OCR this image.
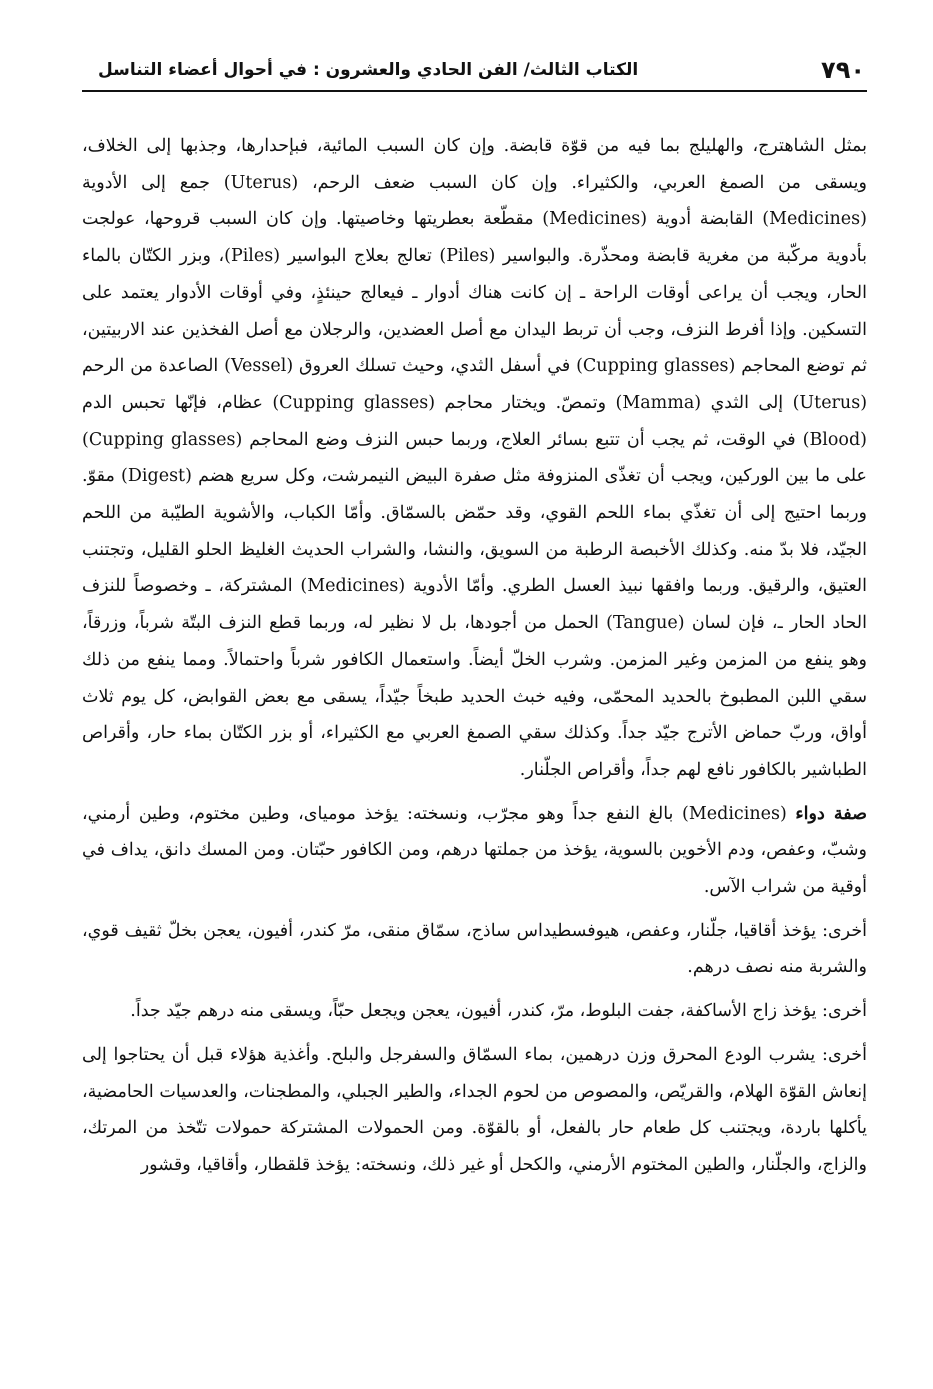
٧٩٠
الكتاب الثالث/ الفن الحادي والعشرون : في أحوال أعضاء التناسل

بمثل الشاهترج، والهليلج بما فيه من قوّة قابضة. وإن كان السبب المائية، فبإحدارها، وجذبها إلى الخلاف، ويسقى من الصمغ العربي، والكثيراء. وإن كان السبب ضعف الرحم، (Uterus) جمع إلى الأدوية (Medicines) القابضة أدوية (Medicines) مقطّعة بعطريتها وخاصيتها. وإن كان السبب قروحها، عولجت بأدوية مركّبة من مغرية قابضة ومحذّرة. والبواسير (Piles) تعالج بعلاج البواسير (Piles)، وبزر الكتّان بالماء الحار، ويجب أن يراعى أوقات الراحة ـ إن كانت هناك أدوار ـ فيعالج حينئذٍ، وفي أوقات الأدوار يعتمد على التسكين. وإذا أفرط النزف، وجب أن تربط اليدان مع أصل العضدين، والرجلان مع أصل الفخذين عند الاربيتين، ثم توضع المحاجم (Cupping glasses) في أسفل الثدي، وحيث تسلك العروق (Vessel) الصاعدة من الرحم (Uterus) إلى الثدي (Mamma) وتمصّ. ويختار محاجم (Cupping glasses) عظام، فإنّها تحبس الدم (Blood) في الوقت، ثم يجب أن تتبع بسائر العلاج، وربما حبس النزف وضع المحاجم (Cupping glasses) على ما بين الوركين، ويجب أن تغذّى المنزوفة مثل صفرة البيض النيمرشت، وكل سريع هضم (Digest) مقوّ. وربما احتيج إلى أن تغذّي بماء اللحم القوي، وقد حمّض بالسمّاق. وأمّا الكباب، والأشوية الطيّبة من اللحم الجيّد، فلا بدّ منه. وكذلك الأخبصة الرطبة من السويق، والنشا، والشراب الحديث الغليظ الحلو القليل، وتجتنب العتيق، والرقيق. وربما وافقها نبيذ العسل الطري. وأمّا الأدوية (Medicines) المشتركة، ـ وخصوصاً للنزف الحاد الحار ـ، فإن لسان (Tangue) الحمل من أجودها، بل لا نظير له، وربما قطع النزف البتّة شرباً، وزرقاً، وهو ينفع من المزمن وغير المزمن. وشرب الخلّ أيضاً. واستعمال الكافور شرباً واحتمالاً. ومما ينفع من ذلك سقي اللبن المطبوخ بالحديد المحمّى، وفيه خبث الحديد طبخاً جيّداً، يسقى مع بعض القوابض، كل يوم ثلاث أواق، وربّ حماض الأترج جيّد جداً. وكذلك سقي الصمغ العربي مع الكثيراء، أو بزر الكتّان بماء حار، وأقراص الطباشير بالكافور نافع لهم جداً، وأقراص الجلّنار.

صفة دواء (Medicines) بالغ النفع جداً وهو مجرّب، ونسخته: يؤخذ مومياى، وطين مختوم، وطين أرمني، وشبّ، وعفص، ودم الأخوين بالسوية، يؤخذ من جملتها درهم، ومن الكافور حبّتان. ومن المسك دانق، يداف في أوقية من شراب الآس.

أخرى: يؤخذ أقاقيا، جلّنار، وعفص، هيوفسطيداس ساذج، سمّاق منقى، مرّ كندر، أفيون، يعجن بخلّ ثقيف قوي، والشربة منه نصف درهم.

أخرى: يؤخذ زاج الأساكفة، جفت البلوط، مرّ، كندر، أفيون، يعجن ويجعل حبّاً، ويسقى منه درهم جيّد جداً.

أخرى: يشرب الودع المحرق وزن درهمين، بماء السمّاق والسفرجل والبلح. وأغذية هؤلاء قبل أن يحتاجوا إلى إنعاش القوّة الهلام، والقريّص، والمصوص من لحوم الجداء، والطير الجبلي، والمطجنات، والعدسيات الحامضية، يأكلها باردة، ويجتنب كل طعام حار بالفعل، أو بالقوّة. ومن الحمولات المشتركة حمولات تتّخذ من المرتك، والزاج، والجلّنار، والطين المختوم الأرمني، والكحل أو غير ذلك، ونسخته: يؤخذ قلقطار، وأقاقيا، وقشور
